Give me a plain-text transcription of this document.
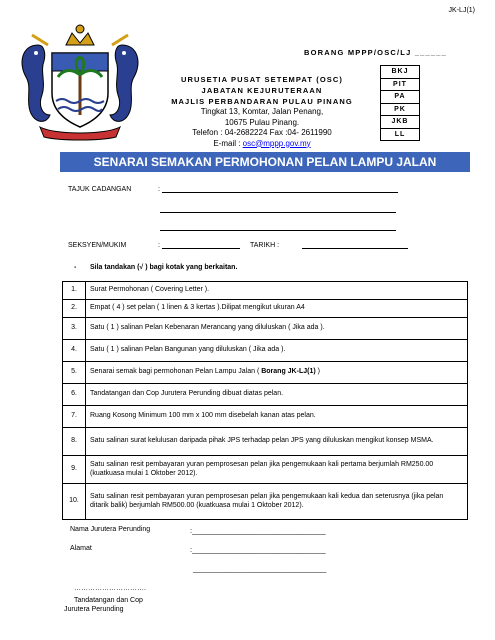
JK-LJ(1)
BORANG MPPP/OSC/LJ ______
URUSETIA PUSAT SETEMPAT (OSC)
JABATAN KEJURUTERAAN
MAJLIS PERBANDARAN PULAU PINANG
Tingkat 13, Komtar, Jalan Penang,
10675 Pulau Pinang.
Telefon : 04-2682224 Fax :04- 2611990
E-mail : osc@mppp.gov.my
BKJ
PIT
PA
PK
JKB
LL
SENARAI SEMAKAN PERMOHONAN PELAN LAMPU JALAN
TAJUK CADANGAN	:
SEKSYEN/MUKIM	:	TARIKH :
- Sila tandakan (√ ) bagi kotak yang berkaitan.
1.	Surat Permohonan ( Covering Letter ).
2.	Empat ( 4 ) set pelan ( 1 linen & 3 kertas ).Dilipat mengikut ukuran A4
3.	Satu ( 1 ) salinan Pelan Kebenaran Merancang yang diluluskan ( Jika ada ).
4.	Satu ( 1 ) salinan Pelan Bangunan yang diluluskan ( Jika ada ).
5.	Senarai semak bagi permohonan Pelan Lampu Jalan ( Borang JK-LJ(1) )
6.	Tandatangan dan Cop Jurutera Perunding dibuat diatas pelan.
7.	Ruang Kosong Minimum 100 mm x 100 mm disebelah kanan atas pelan.
8.	Satu salinan surat kelulusan daripada pihak JPS terhadap pelan JPS yang diluluskan mengikut konsep MSMA.
9.	Satu salinan resit pembayaran yuran pemprosesan pelan jika pengemukaan kali pertama berjumlah RM250.00 (kuatkuasa mulai 1 Oktober 2012).
10.	Satu salinan resit pembayaran yuran pemprosesan pelan jika pengemukaan kali kedua dan seterusnya (jika pelan ditarik balik) berjumlah RM500.00 (kuatkuasa mulai 1 Oktober 2012).
Nama Jurutera Perunding	:________________________________
Alamat	:________________________________
________________________________
………………………….
Tandatangan dan Cop
Jurutera Perunding
